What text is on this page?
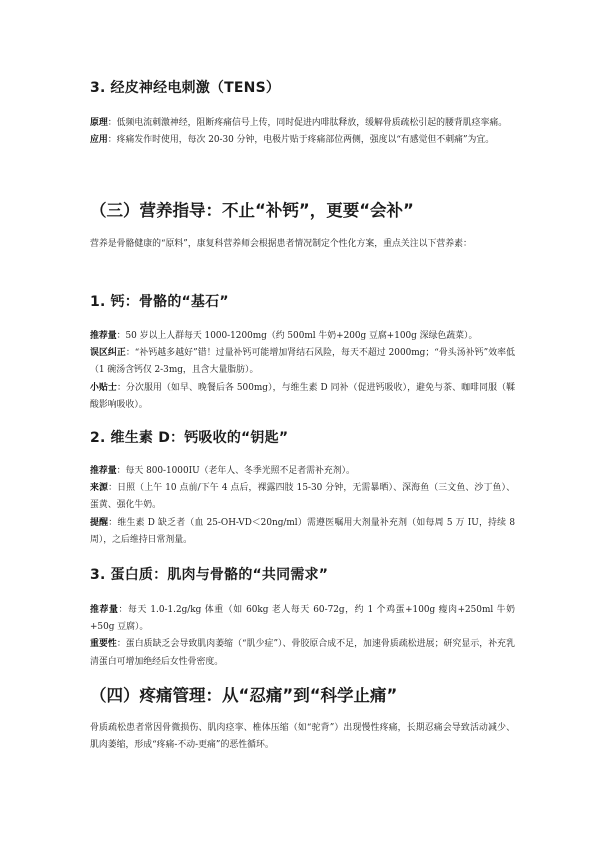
3. 经皮神经电刺激（TENS）

原理：低频电流刺激神经，阻断疼痛信号上传，同时促进内啡肽释放，缓解骨质疏松引起的腰背肌痉挛痛。

应用：疼痛发作时使用，每次 20-30 分钟，电极片贴于疼痛部位两侧，强度以“有感觉但不刺痛”为宜。

（三）营养指导：不止“补钙”，更要“会补”

营养是骨骼健康的“原料”，康复科营养师会根据患者情况制定个性化方案，重点关注以下营养素：

1. 钙：骨骼的“基石”

推荐量：50 岁以上人群每天 1000-1200mg（约 500ml 牛奶+200g 豆腐+100g 深绿色蔬菜）。

误区纠正：“补钙越多越好”错！过量补钙可能增加肾结石风险，每天不超过 2000mg；“骨头汤补钙”效率低（1 碗汤含钙仅 2-3mg，且含大量脂肪）。

小贴士：分次服用（如早、晚餐后各 500mg），与维生素 D 同补（促进钙吸收），避免与茶、咖啡同服（鞣酸影响吸收）。

2. 维生素 D：钙吸收的“钥匙”

推荐量：每天 800-1000IU（老年人、冬季光照不足者需补充剂）。

来源：日照（上午 10 点前/下午 4 点后，裸露四肢 15-30 分钟，无需暴晒）、深海鱼（三文鱼、沙丁鱼）、蛋黄、强化牛奶。

提醒：维生素 D 缺乏者（血 25-OH-VD＜20ng/ml）需遵医嘱用大剂量补充剂（如每周 5 万 IU，持续 8 周），之后维持日常剂量。

3. 蛋白质：肌肉与骨骼的“共同需求”

推荐量：每天 1.0-1.2g/kg 体重（如 60kg 老人每天 60-72g，约 1 个鸡蛋+100g 瘦肉+250ml 牛奶+50g 豆腐）。

重要性：蛋白质缺乏会导致肌肉萎缩（“肌少症”）、骨胶原合成不足，加速骨质疏松进展；研究显示，补充乳清蛋白可增加绝经后女性骨密度。

（四）疼痛管理：从“忍痛”到“科学止痛”

骨质疏松患者常因骨微损伤、肌肉痉挛、椎体压缩（如“驼背”）出现慢性疼痛，长期忍痛会导致活动减少、肌肉萎缩，形成“疼痛-不动-更痛”的恶性循环。
